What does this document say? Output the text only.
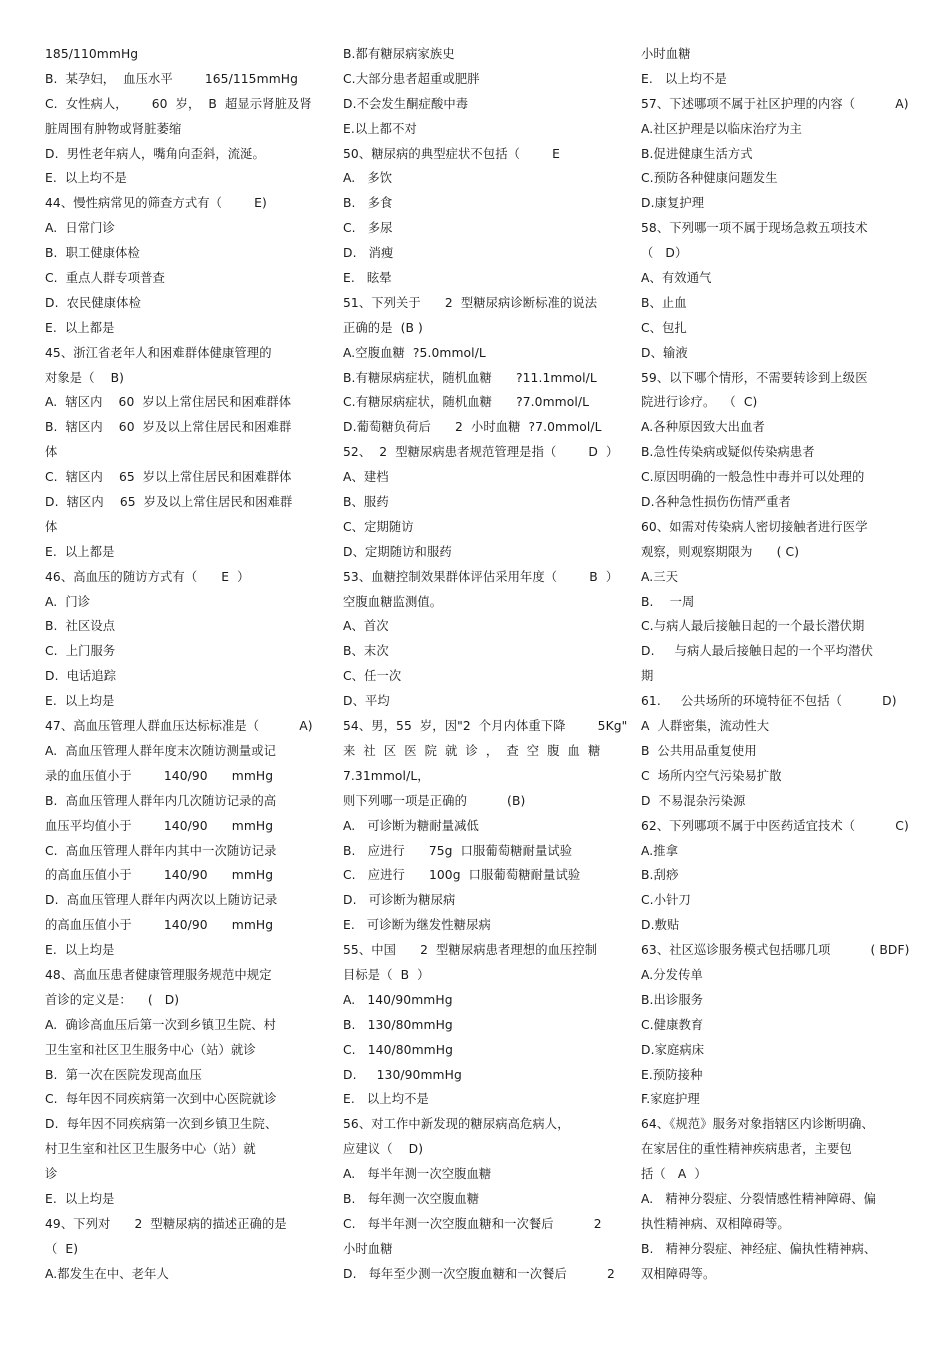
185/110mmHg
B.  某孕妇，  血压水平        165/115mmHg
C.  女性病人，      60  岁，  B  超显示肾脏及肾
脏周围有肿物或肾脏萎缩
D.  男性老年病人，嘴角向歪斜，流涎。
E.  以上均不是
44、慢性病常见的筛查方式有（        E)
A.  日常门诊
B.  职工健康体检
C.  重点人群专项普查
D.  农民健康体检
E.  以上都是
45、浙江省老年人和困难群体健康管理的
对象是（    B)
A.  辖区内    60  岁以上常住居民和困难群体
B.  辖区内    60  岁及以上常住居民和困难群
体
C.  辖区内    65  岁以上常住居民和困难群体
D.  辖区内    65  岁及以上常住居民和困难群
体
E.  以上都是
46、高血压的随访方式有（      E  ）
A.  门诊
B.  社区设点
C.  上门服务
D.  电话追踪
E.  以上均是
47、高血压管理人群血压达标标准是（          A)
A.  高血压管理人群年度末次随访测量或记
录的血压值小于        140/90      mmHg
B.  高血压管理人群年内几次随访记录的高
血压平均值小于        140/90      mmHg
C.  高血压管理人群年内其中一次随访记录
的高血压值小于        140/90      mmHg
D.  高血压管理人群年内两次以上随访记录
的高血压值小于        140/90      mmHg
E.  以上均是
48、高血压患者健康管理服务规范中规定
首诊的定义是：    (   D)
A.  确诊高血压后第一次到乡镇卫生院、村
卫生室和社区卫生服务中心（站）就诊
B.  第一次在医院发现高血压
C.  每年因不同疾病第一次到中心医院就诊
D.  每年因不同疾病第一次到乡镇卫生院、
村卫生室和社区卫生服务中心（站）就
诊
E.  以上均是
49、下列对      2  型糖尿病的描述正确的是
（  E)
A.都发生在中、老年人
B.都有糖尿病家族史
C.大部分患者超重或肥胖
D.不会发生酮症酸中毒
E.以上都不对
50、糖尿病的典型症状不包括（        E
A.   多饮
B.   多食
C.   多尿
D.   消瘦
E.   眩晕
51、下列关于      2  型糖尿病诊断标准的说法
正确的是  (B )
A.空腹血糖  ?5.0mmol/L
B.有糖尿病症状，随机血糖      ?11.1mmol/L
C.有糖尿病症状，随机血糖      ?7.0mmol/L
D.葡萄糖负荷后      2  小时血糖  ?7.0mmol/L
52、  2  型糖尿病患者规范管理是指（        D  ）
A、建档
B、服药
C、定期随访
D、定期随访和服药
53、血糖控制效果群体评估采用年度（        B  ）
空腹血糖监测值。
A、首次
B、末次
C、任一次
D、平均
54、男，55  岁，因"2  个月内体重下降        5Kg"
来  社  区  医  院  就  诊  ，  查  空  腹  血  糖
7.31mmol/L，
则下列哪一项是正确的          (B)
A.   可诊断为糖耐量减低
B.   应进行      75g  口服葡萄糖耐量试验
C.   应进行      100g  口服葡萄糖耐量试验
D.   可诊断为糖尿病
E.   可诊断为继发性糖尿病
55、中国      2  型糖尿病患者理想的血压控制
目标是（  B  ）
A.   140/90mmHg
B.   130/80mmHg
C.   140/80mmHg
D.     130/90mmHg
E.   以上均不是
56、对工作中新发现的糖尿病高危病人，
应建议（    D)
A.   每半年测一次空腹血糖
B.   每年测一次空腹血糖
C.   每半年测一次空腹血糖和一次餐后          2
小时血糖
D.   每年至少测一次空腹血糖和一次餐后          2
小时血糖
E.   以上均不是
57、下述哪项不属于社区护理的内容（          A)
A.社区护理是以临床治疗为主
B.促进健康生活方式
C.预防各种健康问题发生
D.康复护理
58、下列哪一项不属于现场急救五项技术
（   D）
A、有效通气
B、止血
C、包扎
D、输液
59、以下哪个情形，不需要转诊到上级医
院进行诊疗。  （  C)
A.各种原因致大出血者
B.急性传染病或疑似传染病患者
C.原因明确的一般急性中毒并可以处理的
D.各种急性损伤伤情严重者
60、如需对传染病人密切接触者进行医学
观察，则观察期限为      ( C)
A.三天
B.    一周
C.与病人最后接触日起的一个最长潜伏期
D.     与病人最后接触日起的一个平均潜伏
期
61.     公共场所的环境特征不包括（          D)
A  人群密集，流动性大
B  公共用品重复使用
C  场所内空气污染易扩散
D  不易混杂污染源
62、下列哪项不属于中医药适宜技术（          C)
A.推拿
B.刮痧
C.小针刀
D.敷贴
63、社区巡诊服务模式包括哪几项          ( BDF)
A.分发传单
B.出诊服务
C.健康教育
D.家庭病床
E.预防接种
F.家庭护理
64、《规范》服务对象指辖区内诊断明确、
在家居住的重性精神疾病患者，主要包
括（   A  ）
A.   精神分裂症、分裂情感性精神障碍、偏
执性精神病、双相障碍等。
B.   精神分裂症、神经症、偏执性精神病、
双相障碍等。
